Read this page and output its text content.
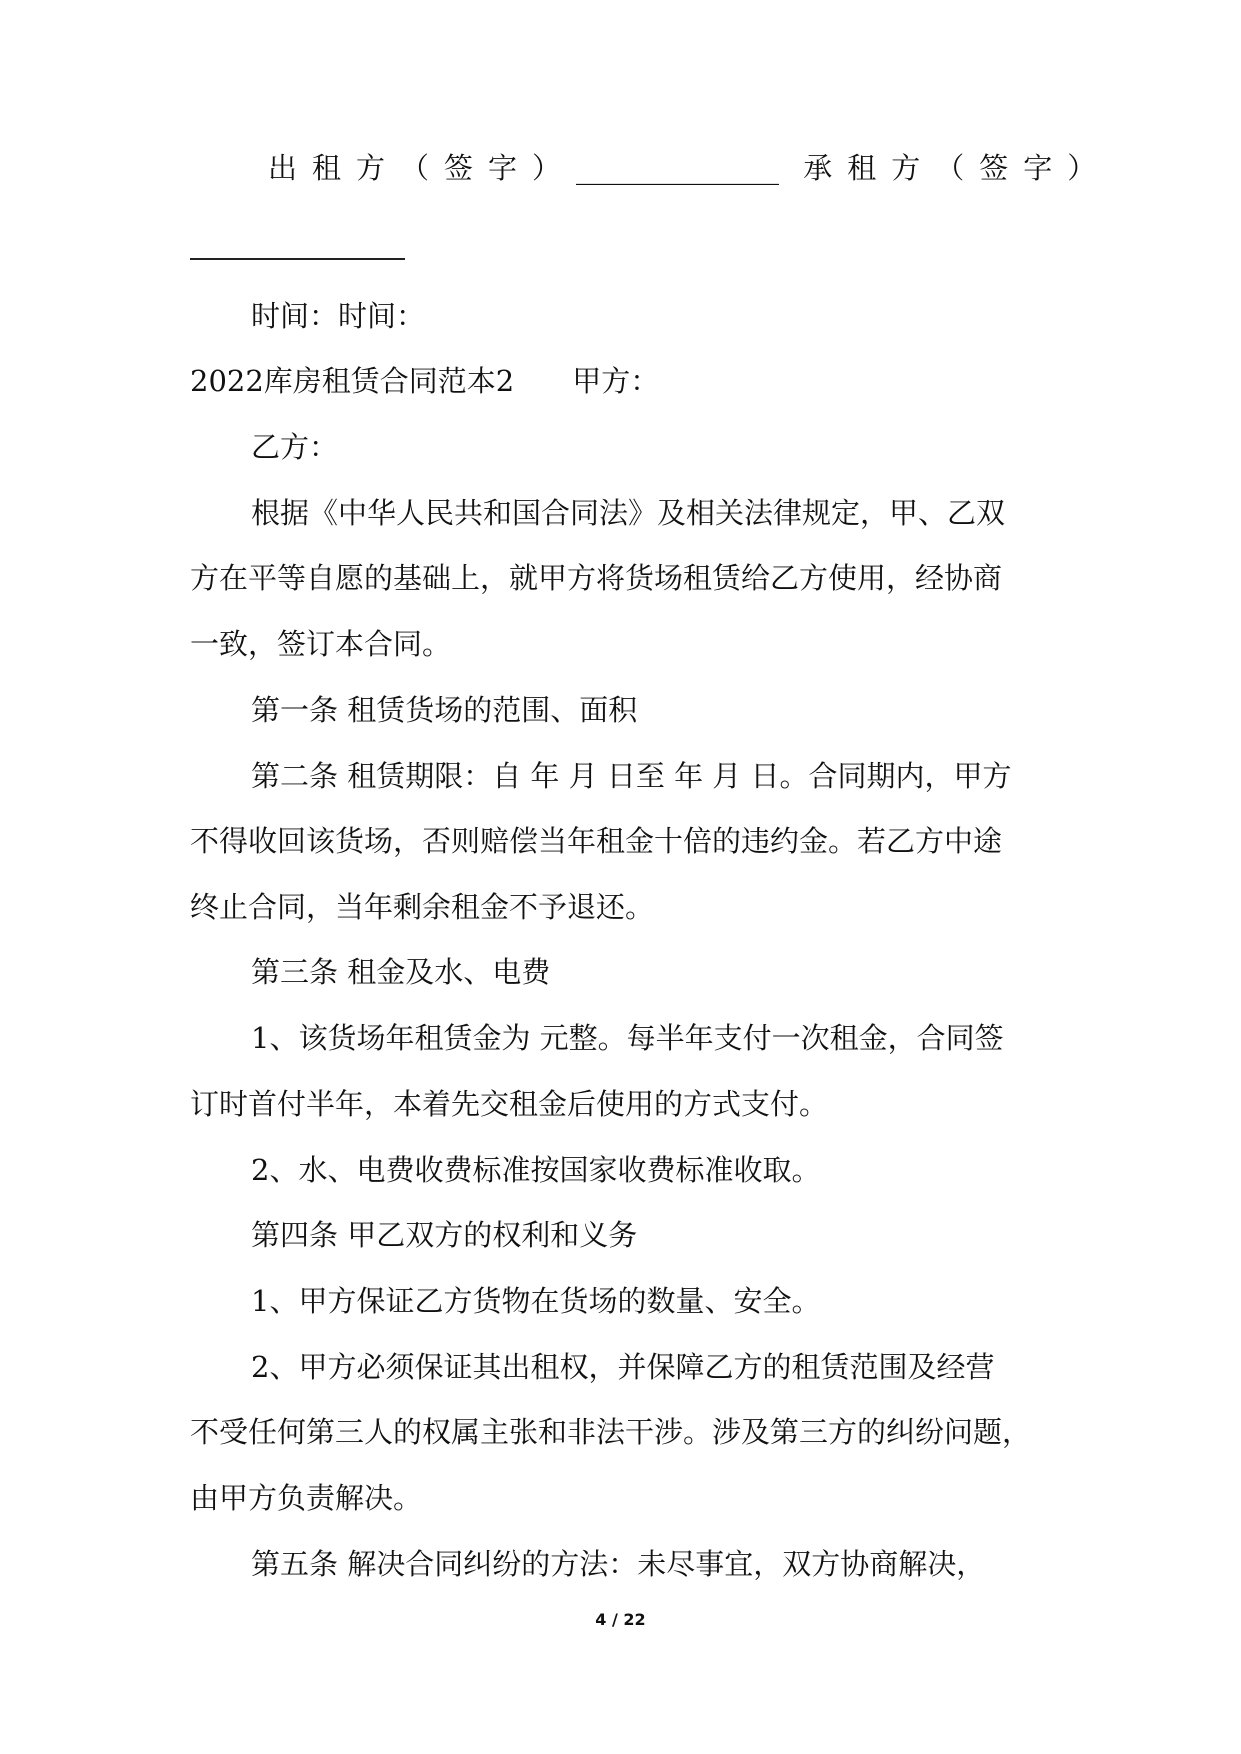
出租方（签字）______________ 承租方（签字）
时间：时间：
2022库房租赁合同范本2 甲方：
乙方：
根据《中华人民共和国合同法》及相关法律规定，甲、乙双
方在平等自愿的基础上，就甲方将货场租赁给乙方使用，经协商
一致，签订本合同。
第一条 租赁货场的范围、面积
第二条 租赁期限：自 年 月 日至 年 月 日。合同期内，甲方
不得收回该货场，否则赔偿当年租金十倍的违约金。若乙方中途
终止合同，当年剩余租金不予退还。
第三条 租金及水、电费
1、该货场年租赁金为 元整。每半年支付一次租金，合同签
订时首付半年，本着先交租金后使用的方式支付。
2、水、电费收费标准按国家收费标准收取。
第四条 甲乙双方的权利和义务
1、甲方保证乙方货物在货场的数量、安全。
2、甲方必须保证其出租权，并保障乙方的租赁范围及经营
不受任何第三人的权属主张和非法干涉。涉及第三方的纠纷问题，
由甲方负责解决。
第五条 解决合同纠纷的方法：未尽事宜，双方协商解决，
4 / 22
